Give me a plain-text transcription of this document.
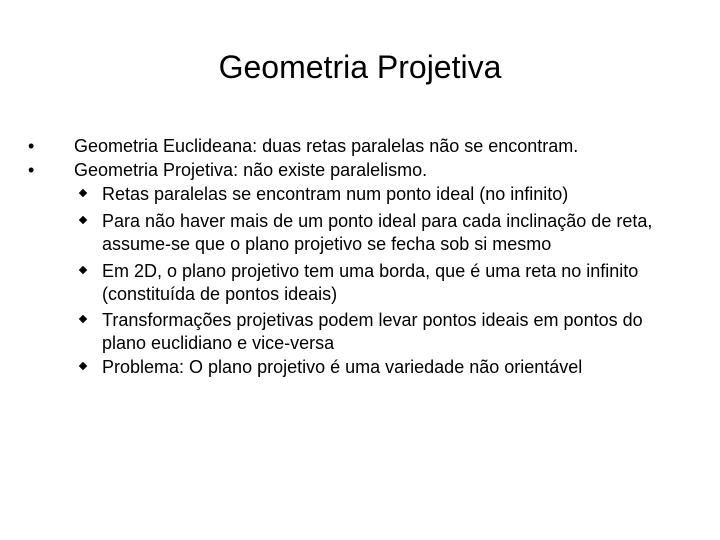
Geometria Projetiva
•	Geometria Euclideana: duas retas paralelas não se encontram.
•	Geometria Projetiva: não existe paralelismo.
Retas paralelas se encontram num ponto ideal (no infinito)
Para não haver mais de um ponto ideal para cada inclinação de reta, assume-se que o plano projetivo se fecha sob si mesmo
Em 2D, o plano projetivo tem uma borda, que é uma reta no infinito (constituída de pontos ideais)
Transformações projetivas podem levar pontos ideais em pontos do plano euclidiano e vice-versa
Problema: O plano projetivo é uma variedade não orientável
